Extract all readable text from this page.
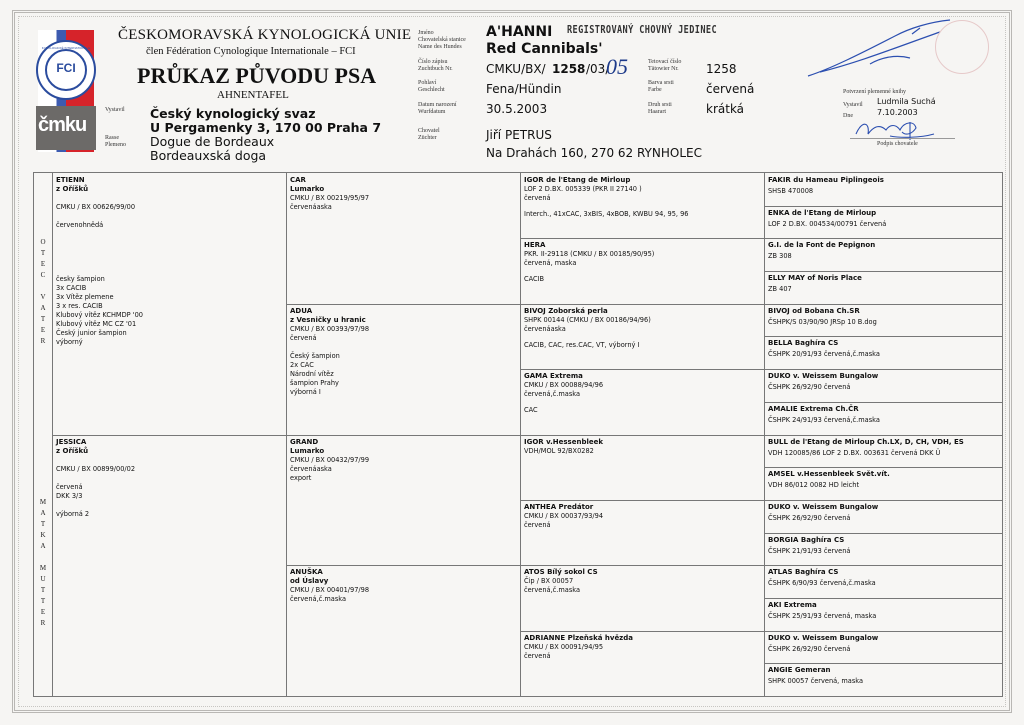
FCI
KYNOLOGICKÉ INTERNATIONALE
čmku
ČESKOMORAVSKÁ KYNOLOGICKÁ UNIE
člen Fédération Cynologique Internationale – FCI
PRŮKAZ PŮVODU PSA
AHNENTAFEL
Vystavil Český kynologický svaz
U Pergamenky 3, 170 00 Praha 7
Rasse
Plemeno Dogue de Bordeaux
Bordeauxská doga
Jméno
Chovatelská stanice
Name des Hundes
Číslo zápisu
Zuchtbuch Nr.
Pohlaví
Geschlecht
Datum narození
Wurfdatum
Chovatel
Züchter
A'HANNI
Red Cannibals'
REGISTROVANÝ CHOVNÝ JEDINEC
CMKU/BX/ 1258 /03/
05
Fena/Hündin
30.5.2003
Jiří PETRUS
Na Drahách 160, 270 62 RYNHOLEC
Tetovací číslo
Tätowier Nr.
Barva srsti
Farbe
Druh srsti
Haarart
1258
červená
krátká
Potvrzení plemenné knihy
Vystavil Ludmila Suchá
Dne	7.10.2003
Podpis chovatele
ETIENN
z Oříšků

CMKU / BX 00626/99/00

červenohnědá

česky šampion
3x CACIB
3x Vítěz plemene
3 x res. CACIB
Klubový vítěz KCHMDP '00
Klubový vítěz MC CZ '01
Český junior šampion
výborný
JESSICA
z Oříšků

CMKU / BX 00899/00/02

červená
DKK 3/3

výborná 2
CAR
Lumarko
CMKU / BX 00219/95/97
červenáaska
ADUA
z Vesničky u hranic
CMKU / BX 00393/97/98
červená

Český šampion
2x CAC
Národní vítěz
šampion Prahy
výborná I
GRAND
Lumarko
CMKU / BX 00432/97/99
červenáaska
export
ANUŠKA
od Úslavy
CMKU / BX 00401/97/98
červená,č.maska
IGOR de l'Etang de Mirloup
LOF 2 D.BX. 005339 (PKR II 27140 )
červená

Interch., 41xCAC, 3xBIS, 4xBOB, KWBU 94, 95, 96
HERA
PKR. II-29118 (CMKU / BX 00185/90/95)
červená, maska

CACIB
BIVOJ Zoborská perla
SHPK 00144 (CMKU / BX 00186/94/96)
červenáaska

CACIB, CAC, res.CAC, VT, výborný I
GAMA Extrema
CMKU / BX 00088/94/96
červená,č.maska

CAC
IGOR v.Hessenbleek
VDH/MOL 92/BX0282
ANTHEA Predátor
CMKU / BX 00037/93/94
červená
ATOS Bílý sokol CS
Čip / BX 00057
červená,č.maska
ADRIANNE Plzeňská hvězda
CMKU / BX 00091/94/95
červená
FAKIR du Hameau Piplingeois
SHSB 470008
ENKA de l'Etang de Mirloup
LOF 2 D.BX. 004534/00791 červená
G.I. de la Font de Pepignon
ZB 308
ELLY MAY of Noris Place
ZB 407
BIVOJ od Bobana Ch.SR
ČSHPK/S 03/90/90 JRSp 10 B.dog
BELLA Baghíra CS
ČSHPK 20/91/93 červená,č.maska
DUKO v. Weissem Bungalow
ČSHPK 26/92/90 červená
AMALIE Extrema Ch.ČR
ČSHPK 24/91/93 červená,č.maska
BULL de l'Etang de Mirloup Ch.LX, D, CH, VDH, ES
VDH 120085/86 LOF 2 D.BX. 003631 červená DKK Ü
AMSEL v.Hessenbleek Svět.vít.
VDH 86/012 0082 HD leicht
DUKO v. Weissem Bungalow
ČSHPK 26/92/90 červená
BORGIA Baghíra CS
ČSHPK 21/91/93 červená
ATLAS Baghíra CS
ČSHPK 6/90/93 červená,č.maska
AKI Extrema
ČSHPK 25/91/93 červená, maska
DUKO v. Weissem Bungalow
ČSHPK 26/92/90 červená
ANGIE Gemeran
SHPK 00057 červená, maska
O
T
E
C

V
A
T
E
R
M
A
T
K
A

M
U
T
T
E
R
